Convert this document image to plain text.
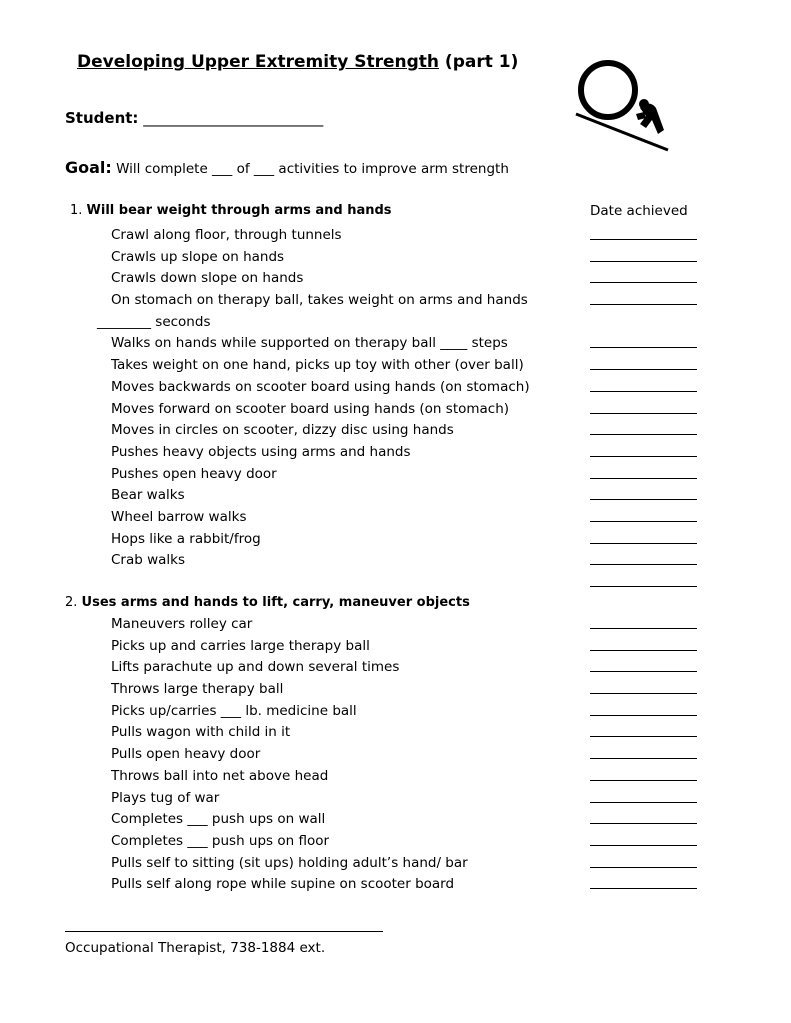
Developing Upper Extremity Strength (part 1)
Student: ________________________
Goal: Will complete ___ of ___ activities to improve arm strength
1. Will bear weight through arms and hands	Date achieved
Crawl along floor, through tunnels
Crawls up slope on hands
Crawls down slope on hands
On stomach on therapy ball, takes weight on arms and hands
________ seconds
Walks on hands while supported on therapy ball ____ steps
Takes weight on one hand, picks up toy with other (over ball)
Moves backwards on scooter board using hands (on stomach)
Moves forward on scooter board using hands (on stomach)
Moves in circles on scooter, dizzy disc using hands
Pushes heavy objects using arms and hands
Pushes open heavy door
Bear walks
Wheel barrow walks
Hops like a rabbit/frog
Crab walks
2. Uses arms and hands to lift, carry, maneuver objects
Maneuvers rolley car
Picks up and carries large therapy ball
Lifts parachute up and down several times
Throws large therapy ball
Picks up/carries ___ lb. medicine ball
Pulls wagon with child in it
Pulls open heavy door
Throws ball into net above head
Plays tug of war
Completes ___ push ups on wall
Completes ___ push ups on floor
Pulls self to sitting (sit ups) holding adult’s hand/ bar
Pulls self along rope while supine on scooter board
Occupational Therapist, 738-1884 ext.
